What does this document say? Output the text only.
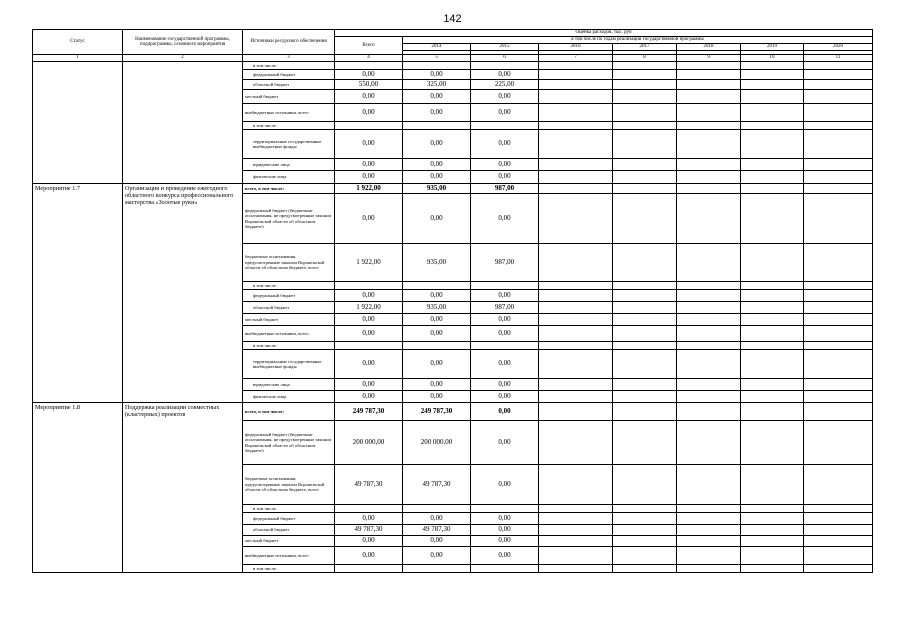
142
Статус	Наименование государственной программы, подпрограммы, основного мероприятия	Источники ресурсного обеспечения	Оценка расходов, тыс. руб							
			Всего	в том числе по годам реализации государственной программы						
				2014	2015	2016	2017	2018	2019	2020

1	2	3	4	5	6	7	8	9	10	11
		в том числе:								
		федеральный бюджет	0,00	0,00	0,00					
		областной бюджет	550,00	325,00	225,00					
		местный бюджет	0,00	0,00	0,00					
		внебюджетные источники, всего	0,00	0,00	0,00					
		в том числе:								
		территориальные государственные внебюджетные фонды	0,00	0,00	0,00					
		юридические лица	0,00	0,00	0,00					
		физические лица	0,00	0,00	0,00					
Мероприятие 1.7	Организация и проведение ежегодного областного конкурса профессионального мастерства «Золотые руки»	всего, в том числе:	1 922,00	935,00	987,00					
		федеральный бюджет (бюджетные ассигнования, не предусмотренные законом Воронежской области об областном бюджете)	0,00	0,00	0,00					
		бюджетные ассигнования, предусмотренные законом Воронежской области об областном бюджете, всего	1 922,00	935,00	987,00					
		в том числе:								
		федеральный бюджет	0,00	0,00	0,00					
		областной бюджет	1 922,00	935,00	987,00					
		местный бюджет	0,00	0,00	0,00					
		внебюджетные источники, всего	0,00	0,00	0,00					
		в том числе:								
		территориальные государственные внебюджетные фонды	0,00	0,00	0,00					
		юридические лица	0,00	0,00	0,00					
		физические лица	0,00	0,00	0,00					
Мероприятие 1.8	Поддержка реализации совместных (кластерных) проектов	всего, в том числе:	249 787,30	249 787,30	0,00					
		федеральный бюджет (бюджетные ассигнования, не предусмотренные законом Воронежской области об областном бюджете)	200 000,00	200 000,00	0,00					
		бюджетные ассигнования, предусмотренные законом Воронежской области об областном бюджете, всего	49 787,30	49 787,30	0,00					
		в том числе:								
		федеральный бюджет	0,00	0,00	0,00					
		областной бюджет	49 787,30	49 787,30	0,00					
		местный бюджет	0,00	0,00	0,00					
		внебюджетные источники, всего	0,00	0,00	0,00					
		в том числе:								
